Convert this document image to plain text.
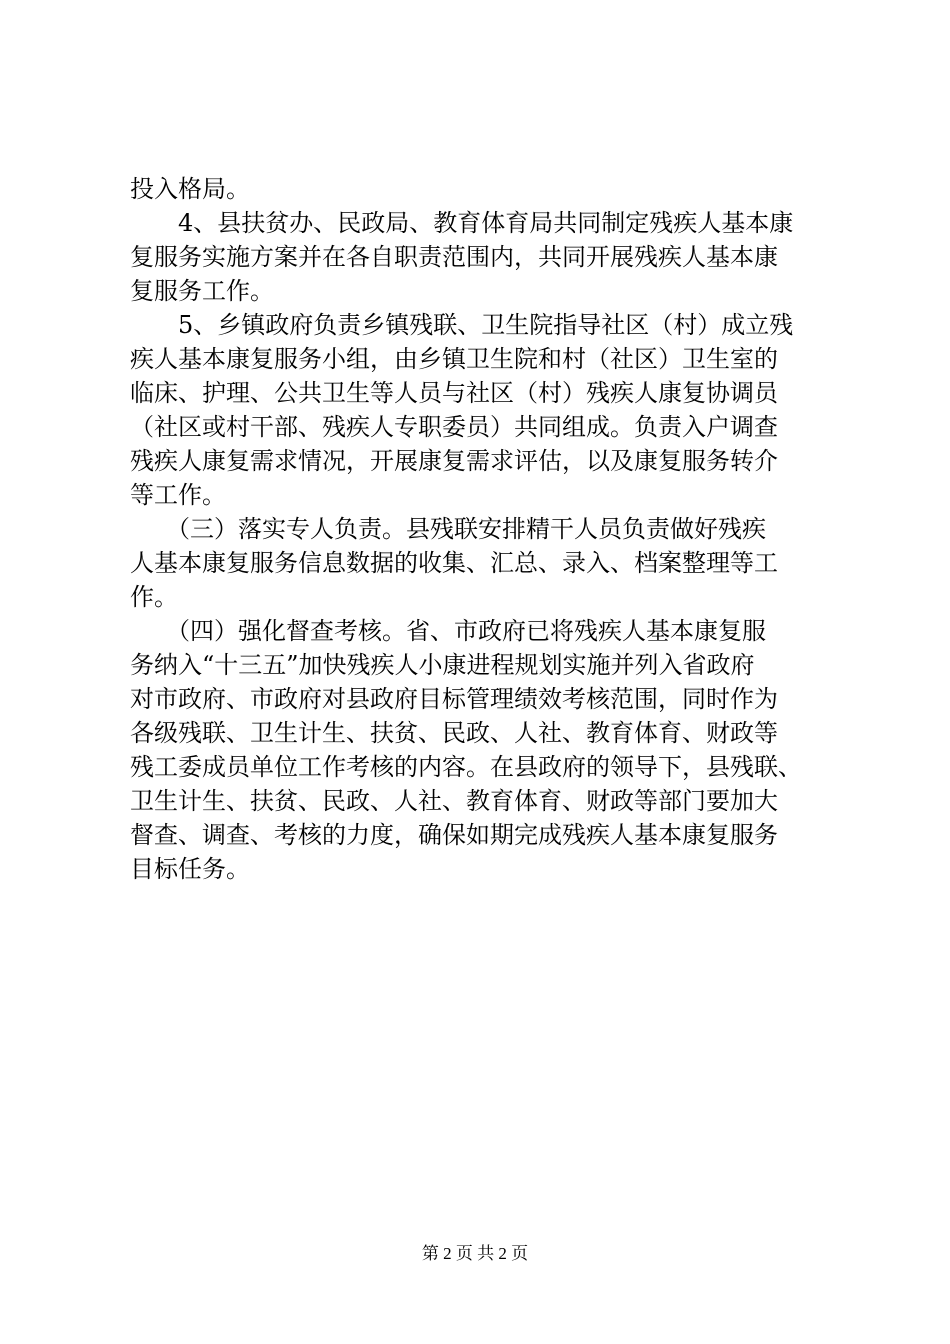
投入格局。
　　4、县扶贫办、民政局、教育体育局共同制定残疾人基本康
复服务实施方案并在各自职责范围内，共同开展残疾人基本康
复服务工作。
　　5、乡镇政府负责乡镇残联、卫生院指导社区（村）成立残
疾人基本康复服务小组，由乡镇卫生院和村（社区）卫生室的
临床、护理、公共卫生等人员与社区（村）残疾人康复协调员
（社区或村干部、残疾人专职委员）共同组成。负责入户调查
残疾人康复需求情况，开展康复需求评估，以及康复服务转介
等工作。
　　（三）落实专人负责。县残联安排精干人员负责做好残疾
人基本康复服务信息数据的收集、汇总、录入、档案整理等工
作。
　　（四）强化督查考核。省、市政府已将残疾人基本康复服
务纳入“十三五”加快残疾人小康进程规划实施并列入省政府
对市政府、市政府对县政府目标管理绩效考核范围，同时作为
各级残联、卫生计生、扶贫、民政、人社、教育体育、财政等
残工委成员单位工作考核的内容。在县政府的领导下，县残联、
卫生计生、扶贫、民政、人社、教育体育、财政等部门要加大
督查、调查、考核的力度，确保如期完成残疾人基本康复服务
目标任务。
第 2 页 共 2 页
